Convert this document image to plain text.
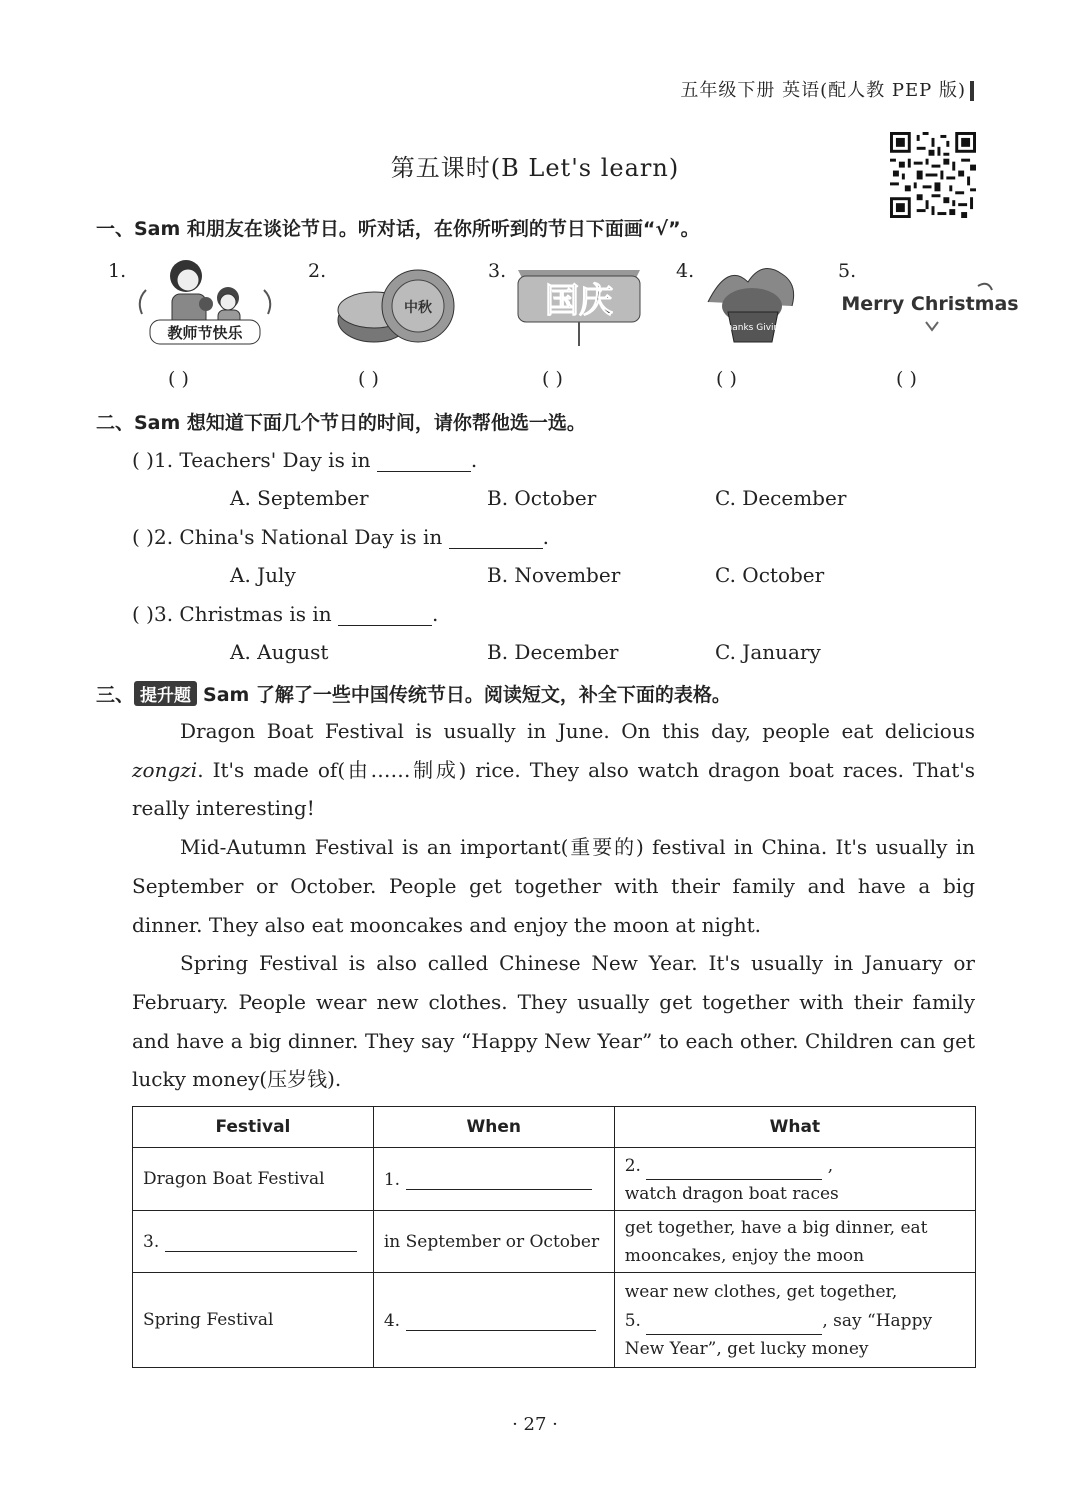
五年级下册 英语(配人教 PEP 版)
第五课时(B Let's learn)
一、Sam 和朋友在谈论节日。听对话，在你所听到的节日下面画“√”。
1.	2.	3.	4.	5.
教师节快乐
中秋	国庆
Thanks Giving
Merry Christmas
( )	( )	( )	( )	( )
二、Sam 想知道下面几个节日的时间，请你帮他选一选。
( )1. Teachers' Day is in	.
A. September	B. October	C. December
( )2. China's National Day is in	.
A. July	B. November	C. October
( )3. Christmas is in	.
A. August	B. December	C. January
三、 提升题 Sam 了解了一些中国传统节日。阅读短文，补全下面的表格。

Dragon Boat Festival is usually in June. On this day, people eat delicious zongzi. It's made of(由……制成) rice. They also watch dragon boat races. That's really interesting!

Mid-Autumn Festival is an important(重要的) festival in China. It's usually in September or October. People get together with their family and have a big dinner. They also eat mooncakes and enjoy the moon at night.

Spring Festival is also called Chinese New Year. It's usually in January or February. People wear new clothes. They usually get together with their family and have a big dinner. They say “Happy New Year” to each other. Children can get lucky money(压岁钱).

Festival	When	What
Dragon Boat Festival	1.	2. ,
watch dragon boat races
3.	in September or October	get together, have a big dinner, eat mooncakes, enjoy the moon
Spring Festival	4.	wear new clothes, get together,
5. , say “Happy
New Year”, get lucky money
· 27 ·
